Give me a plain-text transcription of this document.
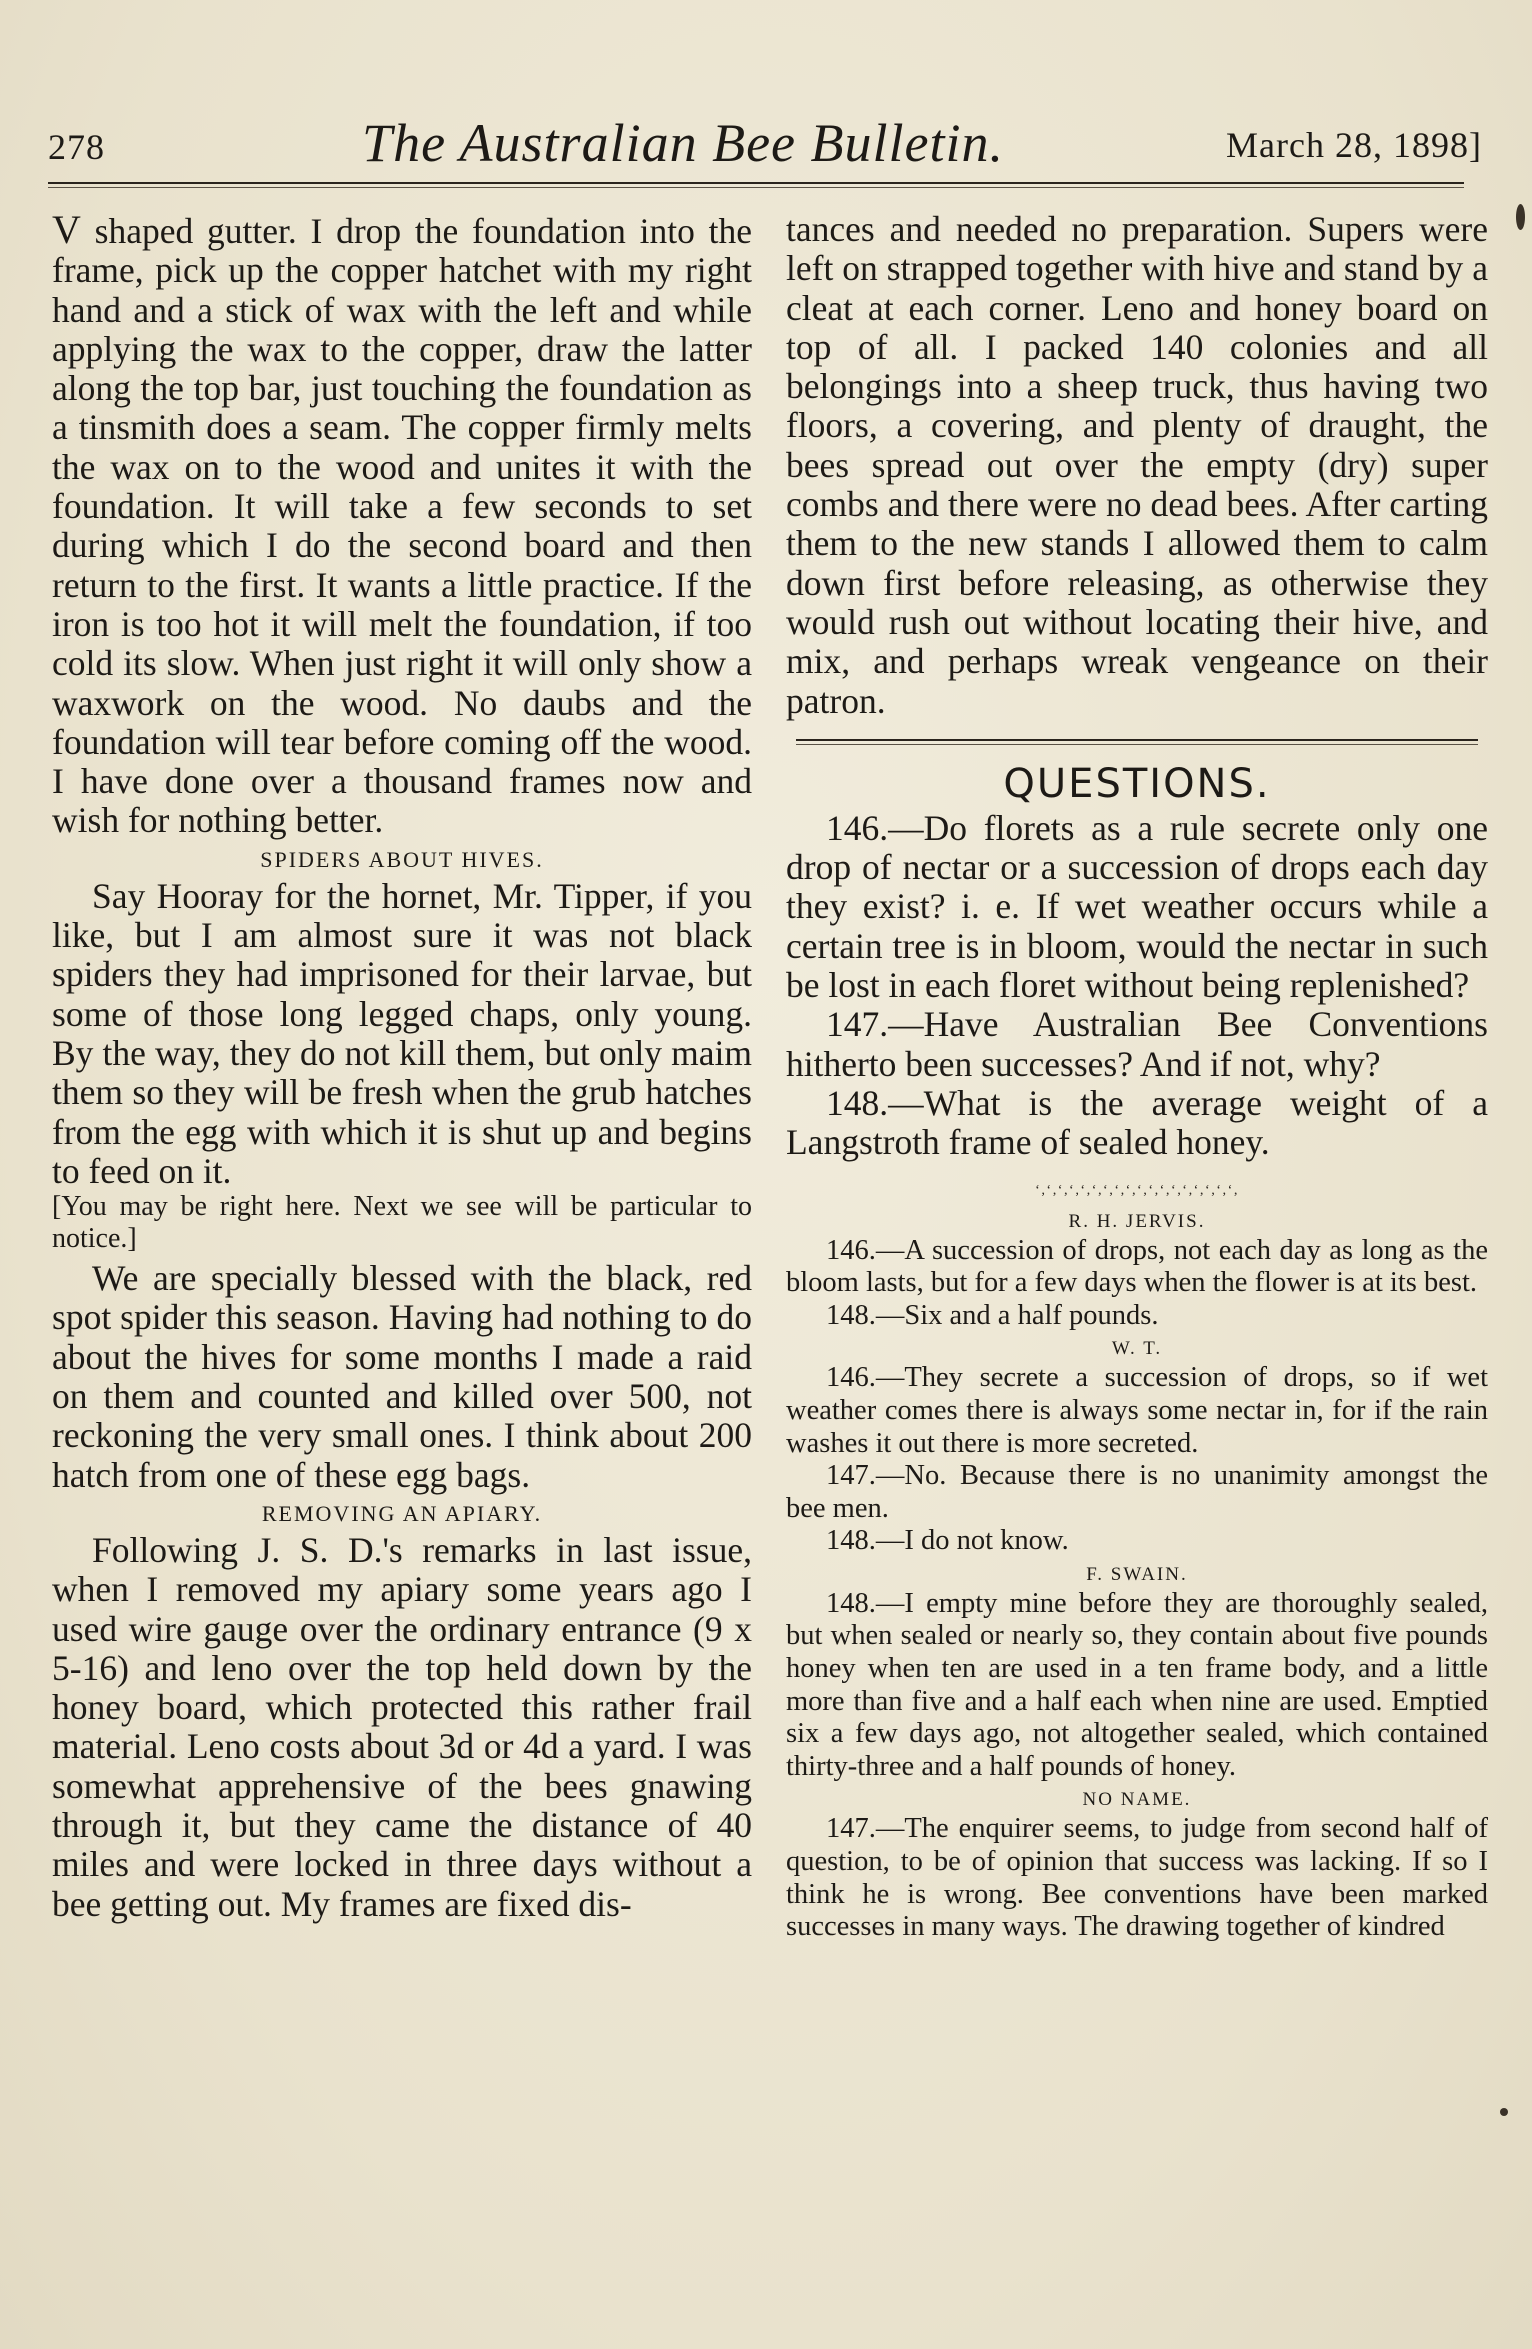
278	The Australian Bee Bulletin.	March 28, 1898]

V shaped gutter. I drop the foundation into the frame, pick up the copper hatchet with my right hand and a stick of wax with the left and while applying the wax to the copper, draw the latter along the top bar, just touching the foundation as a tinsmith does a seam. The copper firmly melts the wax on to the wood and unites it with the foundation. It will take a few seconds to set during which I do the second board and then return to the first. It wants a little practice. If the iron is too hot it will melt the foundation, if too cold its slow. When just right it will only show a waxwork on the wood. No daubs and the foundation will tear before coming off the wood. I have done over a thousand frames now and wish for nothing better.

SPIDERS ABOUT HIVES.

Say Hooray for the hornet, Mr. Tipper, if you like, but I am almost sure it was not black spiders they had imprisoned for their larvae, but some of those long legged chaps, only young. By the way, they do not kill them, but only maim them so they will be fresh when the grub hatches from the egg with which it is shut up and begins to feed on it.

[You may be right here. Next we see will be particular to notice.]

We are specially blessed with the black, red spot spider this season. Having had nothing to do about the hives for some months I made a raid on them and counted and killed over 500, not reckoning the very small ones. I think about 200 hatch from one of these egg bags.

REMOVING AN APIARY.

Following J. S. D.'s remarks in last issue, when I removed my apiary some years ago I used wire gauge over the ordinary entrance (9 x 5-16) and leno over the top held down by the honey board, which protected this rather frail material. Leno costs about 3d or 4d a yard. I was somewhat apprehensive of the bees gnawing through it, but they came the distance of 40 miles and were locked in three days without a bee getting out. My frames are fixed dis-

tances and needed no preparation. Supers were left on strapped together with hive and stand by a cleat at each corner. Leno and honey board on top of all. I packed 140 colonies and all belongings into a sheep truck, thus having two floors, a covering, and plenty of draught, the bees spread out over the empty (dry) super combs and there were no dead bees. After carting them to the new stands I allowed them to calm down first before releasing, as otherwise they would rush out without locating their hive, and mix, and perhaps wreak vengeance on their patron.

QUESTIONS.

146.—Do florets as a rule secrete only one drop of nectar or a succession of drops each day they exist? i. e. If wet weather occurs while a certain tree is in bloom, would the nectar in such be lost in each floret without being replenished?

147.—Have Australian Bee Conventions hitherto been successes? And if not, why?

148.—What is the average weight of a Langstroth frame of sealed honey.

‘‚‘‚‘‚‘‚‘‚‘‚‘‚‘‚‘‚‘‚‘‚‘‚‘‚‘‚‘‚‘‚‘‚‘‚
R. H. JERVIS.

146.—A succession of drops, not each day as long as the bloom lasts, but for a few days when the flower is at its best.

148.—Six and a half pounds.

W. T.

146.—They secrete a succession of drops, so if wet weather comes there is always some nectar in, for if the rain washes it out there is more secreted.

147.—No. Because there is no unanimity amongst the bee men.

148.—I do not know.

F. SWAIN.

148.—I empty mine before they are thoroughly sealed, but when sealed or nearly so, they contain about five pounds honey when ten are used in a ten frame body, and a little more than five and a half each when nine are used. Emptied six a few days ago, not altogether sealed, which contained thirty-three and a half pounds of honey.

NO NAME.

147.—The enquirer seems, to judge from second half of question, to be of opinion that success was lacking. If so I think he is wrong. Bee conventions have been marked successes in many ways. The drawing together of kindred
